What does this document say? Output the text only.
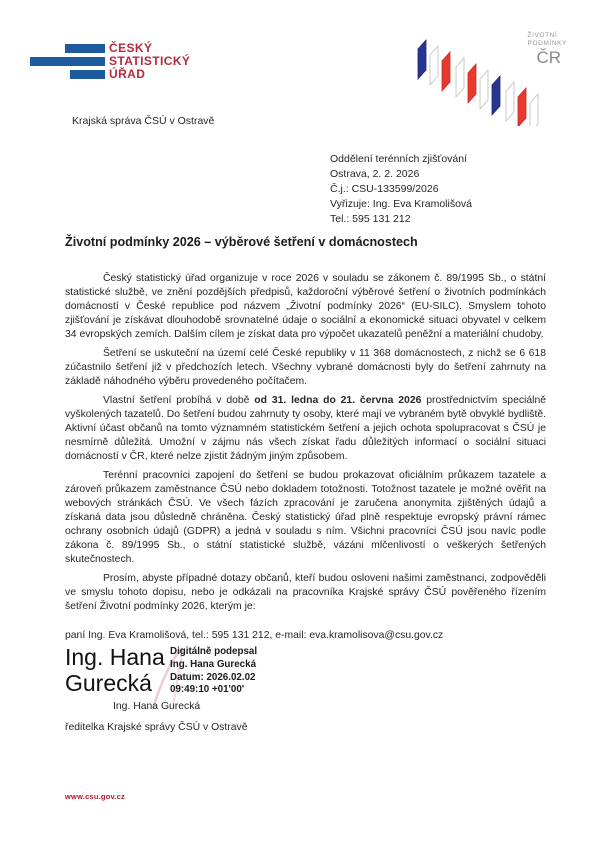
ČESKÝ
STATISTICKÝ
ÚŘAD
ŽIVOTNÍ
PODMÍNKY
ČR
Krajská správa ČSÚ v Ostravě
Oddělení terénních zjišťování
Ostrava, 2. 2. 2026
Č.j.: CSU-133599/2026
Vyřizuje: Ing. Eva Kramolišová
Tel.: 595 131 212
Životní podmínky 2026 – výběrové šetření v domácnostech

Český statistický úřad organizuje v roce 2026 v souladu se zákonem č. 89/1995 Sb., o státní statistické službě, ve znění pozdějších předpisů, každoroční výběrové šetření o životních podmínkách domácností v České republice pod názvem „Životní podmínky 2026“ (EU-SILC). Smyslem tohoto zjišťování je získávat dlouhodobě srovnatelné údaje o sociální a ekonomické situaci obyvatel v celkem 34 evropských zemích. Dalším cílem je získat data pro výpočet ukazatelů peněžní a materiální chudoby.

Šetření se uskuteční na území celé České republiky v 11 368 domácnostech, z nichž se 6 618 zúčastnilo šetření již v předchozích letech. Všechny vybrané domácnosti byly do šetření zahrnuty na základě náhodného výběru provedeného počítačem.

Vlastní šetření probíhá v době od 31. ledna do 21. června 2026 prostřednictvím speciálně vyškolených tazatelů. Do šetření budou zahrnuty ty osoby, které mají ve vybraném bytě obvyklé bydliště. Aktivní účast občanů na tomto významném statistickém šetření a jejich ochota spolupracovat s ČSÚ je nesmírně důležitá. Umožní v zájmu nás všech získat řadu důležitých informací o sociální situaci domácností v ČR, které nelze zjistit žádným jiným způsobem.

Terénní pracovníci zapojení do šetření se budou prokazovat oficiálním průkazem tazatele a zároveň průkazem zaměstnance ČSÚ nebo dokladem totožnosti. Totožnost tazatele je možné ověřit na webových stránkách ČSÚ. Ve všech fázích zpracování je zaručena anonymita zjištěných údajů a získaná data jsou důsledně chráněna. Český statistický úřad plně respektuje evropský právní rámec ochrany osobních údajů (GDPR) a jedná v souladu s ním. Všichni pracovníci ČSÚ jsou navíc podle zákona č. 89/1995 Sb., o státní statistické službě, vázáni mlčenlivostí o veškerých šetřených skutečnostech.

Prosím, abyste případné dotazy občanů, kteří budou osloveni našimi zaměstnanci, zodpověděli ve smyslu tohoto dopisu, nebo je odkázali na pracovníka Krajské správy ČSÚ pověřeného řízením šetření Životní podmínky 2026, kterým je:

paní Ing. Eva Kramolišová, tel.: 595 131 212, e-mail: eva.kramolisova@csu.gov.cz

Ing. Hana
Gurecká
Digitálně podepsal
Ing. Hana Gurecká
Datum: 2026.02.02
09:49:10 +01'00'
Ing. Hana Gurecká
ředitelka Krajské správy ČSÚ v Ostravě
www.csu.gov.cz
